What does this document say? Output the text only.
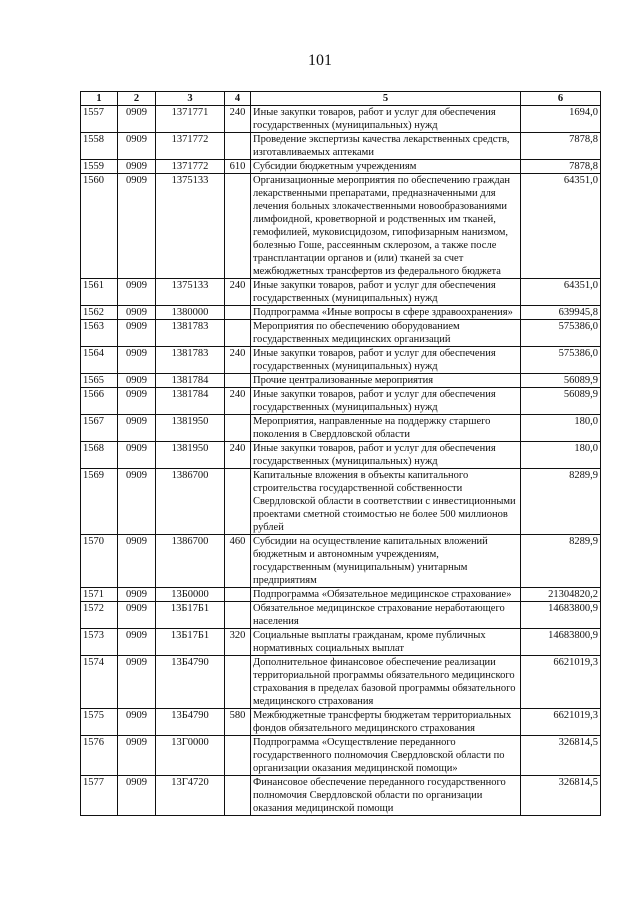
101
1	2	3	4	5	6
1557	0909	1371771	240	Иные закупки товаров, работ и услуг для обеспечения государственных (муниципальных) нужд	1694,0
1558	0909	1371772		Проведение экспертизы качества лекарственных средств, изготавливаемых аптеками	7878,8
1559	0909	1371772	610	Субсидии бюджетным учреждениям	7878,8
1560	0909	1375133		Организационные мероприятия по обеспечению граждан лекарственными препаратами, предназначенными для лечения больных злокачественными новообразованиями лимфоидной, кроветворной и родственных им тканей, гемофилией, муковисцидозом, гипофизарным нанизмом, болезнью Гоше, рассеянным склерозом, а также после трансплантации органов и (или) тканей за счет межбюджетных трансфертов из федерального бюджета	64351,0
1561	0909	1375133	240	Иные закупки товаров, работ и услуг для обеспечения государственных (муниципальных) нужд	64351,0
1562	0909	1380000		Подпрограмма «Иные вопросы в сфере здравоохранения»	639945,8
1563	0909	1381783		Мероприятия по обеспечению оборудованием государственных медицинских организаций	575386,0
1564	0909	1381783	240	Иные закупки товаров, работ и услуг для обеспечения государственных (муниципальных) нужд	575386,0
1565	0909	1381784		Прочие централизованные мероприятия	56089,9
1566	0909	1381784	240	Иные закупки товаров, работ и услуг для обеспечения государственных (муниципальных) нужд	56089,9
1567	0909	1381950		Мероприятия, направленные на поддержку старшего поколения в Свердловской области	180,0
1568	0909	1381950	240	Иные закупки товаров, работ и услуг для обеспечения государственных (муниципальных) нужд	180,0
1569	0909	1386700		Капитальные вложения в объекты капитального строительства государственной собственности Свердловской области в соответствии с инвестиционными проектами сметной стоимостью не более 500 миллионов рублей	8289,9
1570	0909	1386700	460	Субсидии на осуществление капитальных вложений бюджетным и автономным учреждениям, государственным (муниципальным) унитарным предприятиям	8289,9
1571	0909	13Б0000		Подпрограмма «Обязательное медицинское страхование»	21304820,2
1572	0909	13Б17Б1		Обязательное медицинское страхование неработающего населения	14683800,9
1573	0909	13Б17Б1	320	Социальные выплаты гражданам, кроме публичных нормативных социальных выплат	14683800,9
1574	0909	13Б4790		Дополнительное финансовое обеспечение реализации территориальной программы обязательного медицинского страхования в пределах базовой программы обязательного медицинского страхования	6621019,3
1575	0909	13Б4790	580	Межбюджетные трансферты бюджетам территориальных фондов обязательного медицинского страхования	6621019,3
1576	0909	13Г0000		Подпрограмма «Осуществление переданного государственного полномочия Свердловской области по организации оказания медицинской помощи»	326814,5
1577	0909	13Г4720		Финансовое обеспечение переданного государственного полномочия Свердловской области по организации оказания медицинской помощи	326814,5
